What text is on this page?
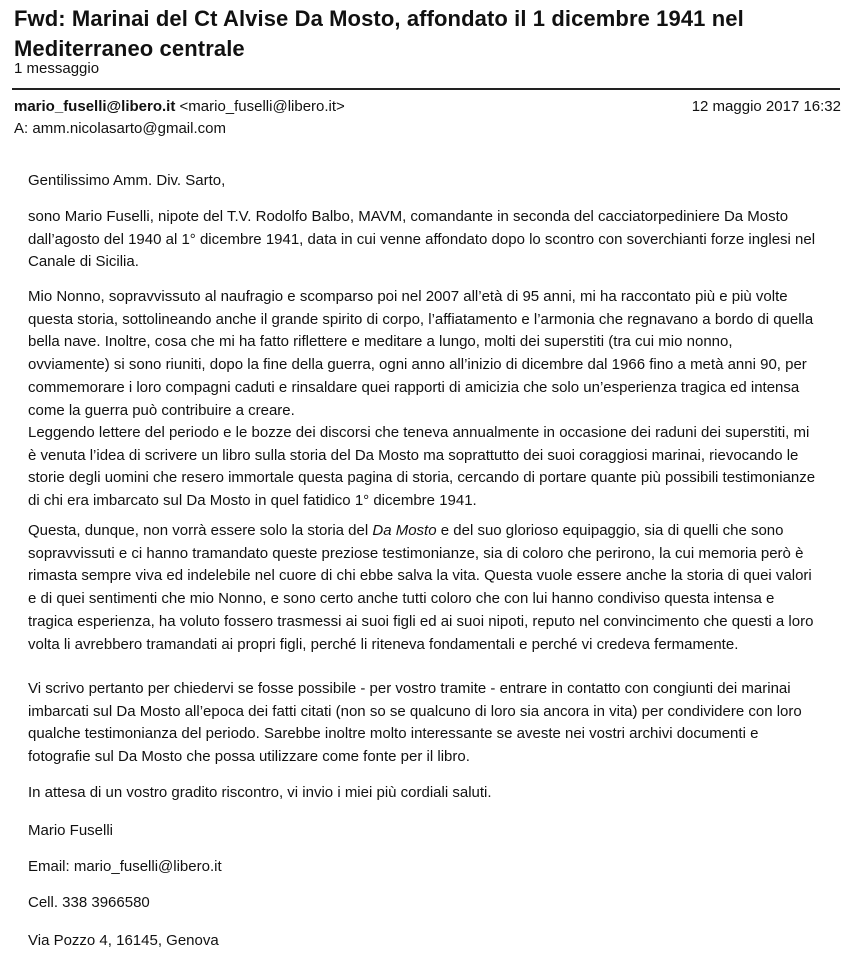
Fwd: Marinai del Ct Alvise Da Mosto, affondato il 1 dicembre 1941 nel Mediterraneo centrale
1 messaggio
mario_fuselli@libero.it <mario_fuselli@libero.it>	12 maggio 2017 16:32
A: amm.nicolasarto@gmail.com

Gentilissimo Amm. Div. Sarto,

sono Mario Fuselli, nipote del T.V. Rodolfo Balbo, MAVM, comandante in seconda del cacciatorpediniere Da Mosto dall’agosto del 1940 al 1° dicembre 1941, data in cui venne affondato dopo lo scontro con soverchianti forze inglesi nel Canale di Sicilia.

Mio Nonno, sopravvissuto al naufragio e scomparso poi nel 2007 all’età di 95 anni, mi ha raccontato più e più volte questa storia, sottolineando anche il grande spirito di corpo, l’affiatamento e l’armonia che regnavano a bordo di quella bella nave. Inoltre, cosa che mi ha fatto riflettere e meditare a lungo, molti dei superstiti (tra cui mio nonno, ovviamente) si sono riuniti, dopo la fine della guerra, ogni anno all’inizio di dicembre dal 1966 fino a metà anni 90, per commemorare i loro compagni caduti e rinsaldare quei rapporti di amicizia che solo un’esperienza tragica ed intensa come la guerra può contribuire a creare.

Leggendo lettere del periodo e le bozze dei discorsi che teneva annualmente in occasione dei raduni dei superstiti, mi è venuta l’idea di scrivere un libro sulla storia del Da Mosto ma soprattutto dei suoi coraggiosi marinai, rievocando le storie degli uomini che resero immortale questa pagina di storia, cercando di portare quante più possibili testimonianze di chi era imbarcato sul Da Mosto in quel fatidico 1° dicembre 1941.

Questa, dunque, non vorrà essere solo la storia del Da Mosto e del suo glorioso equipaggio, sia di quelli che sono sopravvissuti e ci hanno tramandato queste preziose testimonianze, sia di coloro che perirono, la cui memoria però è rimasta sempre viva ed indelebile nel cuore di chi ebbe salva la vita. Questa vuole essere anche la storia di quei valori e di quei sentimenti che mio Nonno, e sono certo anche tutti coloro che con lui hanno condiviso questa intensa e tragica esperienza, ha voluto fossero trasmessi ai suoi figli ed ai suoi nipoti, reputo nel convincimento che questi a loro volta li avrebbero tramandati ai propri figli, perché li riteneva fondamentali e perché vi credeva fermamente.

Vi scrivo pertanto per chiedervi se fosse possibile - per vostro tramite - entrare in contatto con congiunti dei marinai imbarcati sul Da Mosto all’epoca dei fatti citati (non so se qualcuno di loro sia ancora in vita) per condividere con loro qualche testimonianza del periodo. Sarebbe inoltre molto interessante se aveste nei vostri archivi documenti e fotografie sul Da Mosto che possa utilizzare come fonte per il libro.

In attesa di un vostro gradito riscontro, vi invio i miei più cordiali saluti.

Mario Fuselli

Email: mario_fuselli@libero.it

Cell. 338 3966580

Via Pozzo 4, 16145, Genova
